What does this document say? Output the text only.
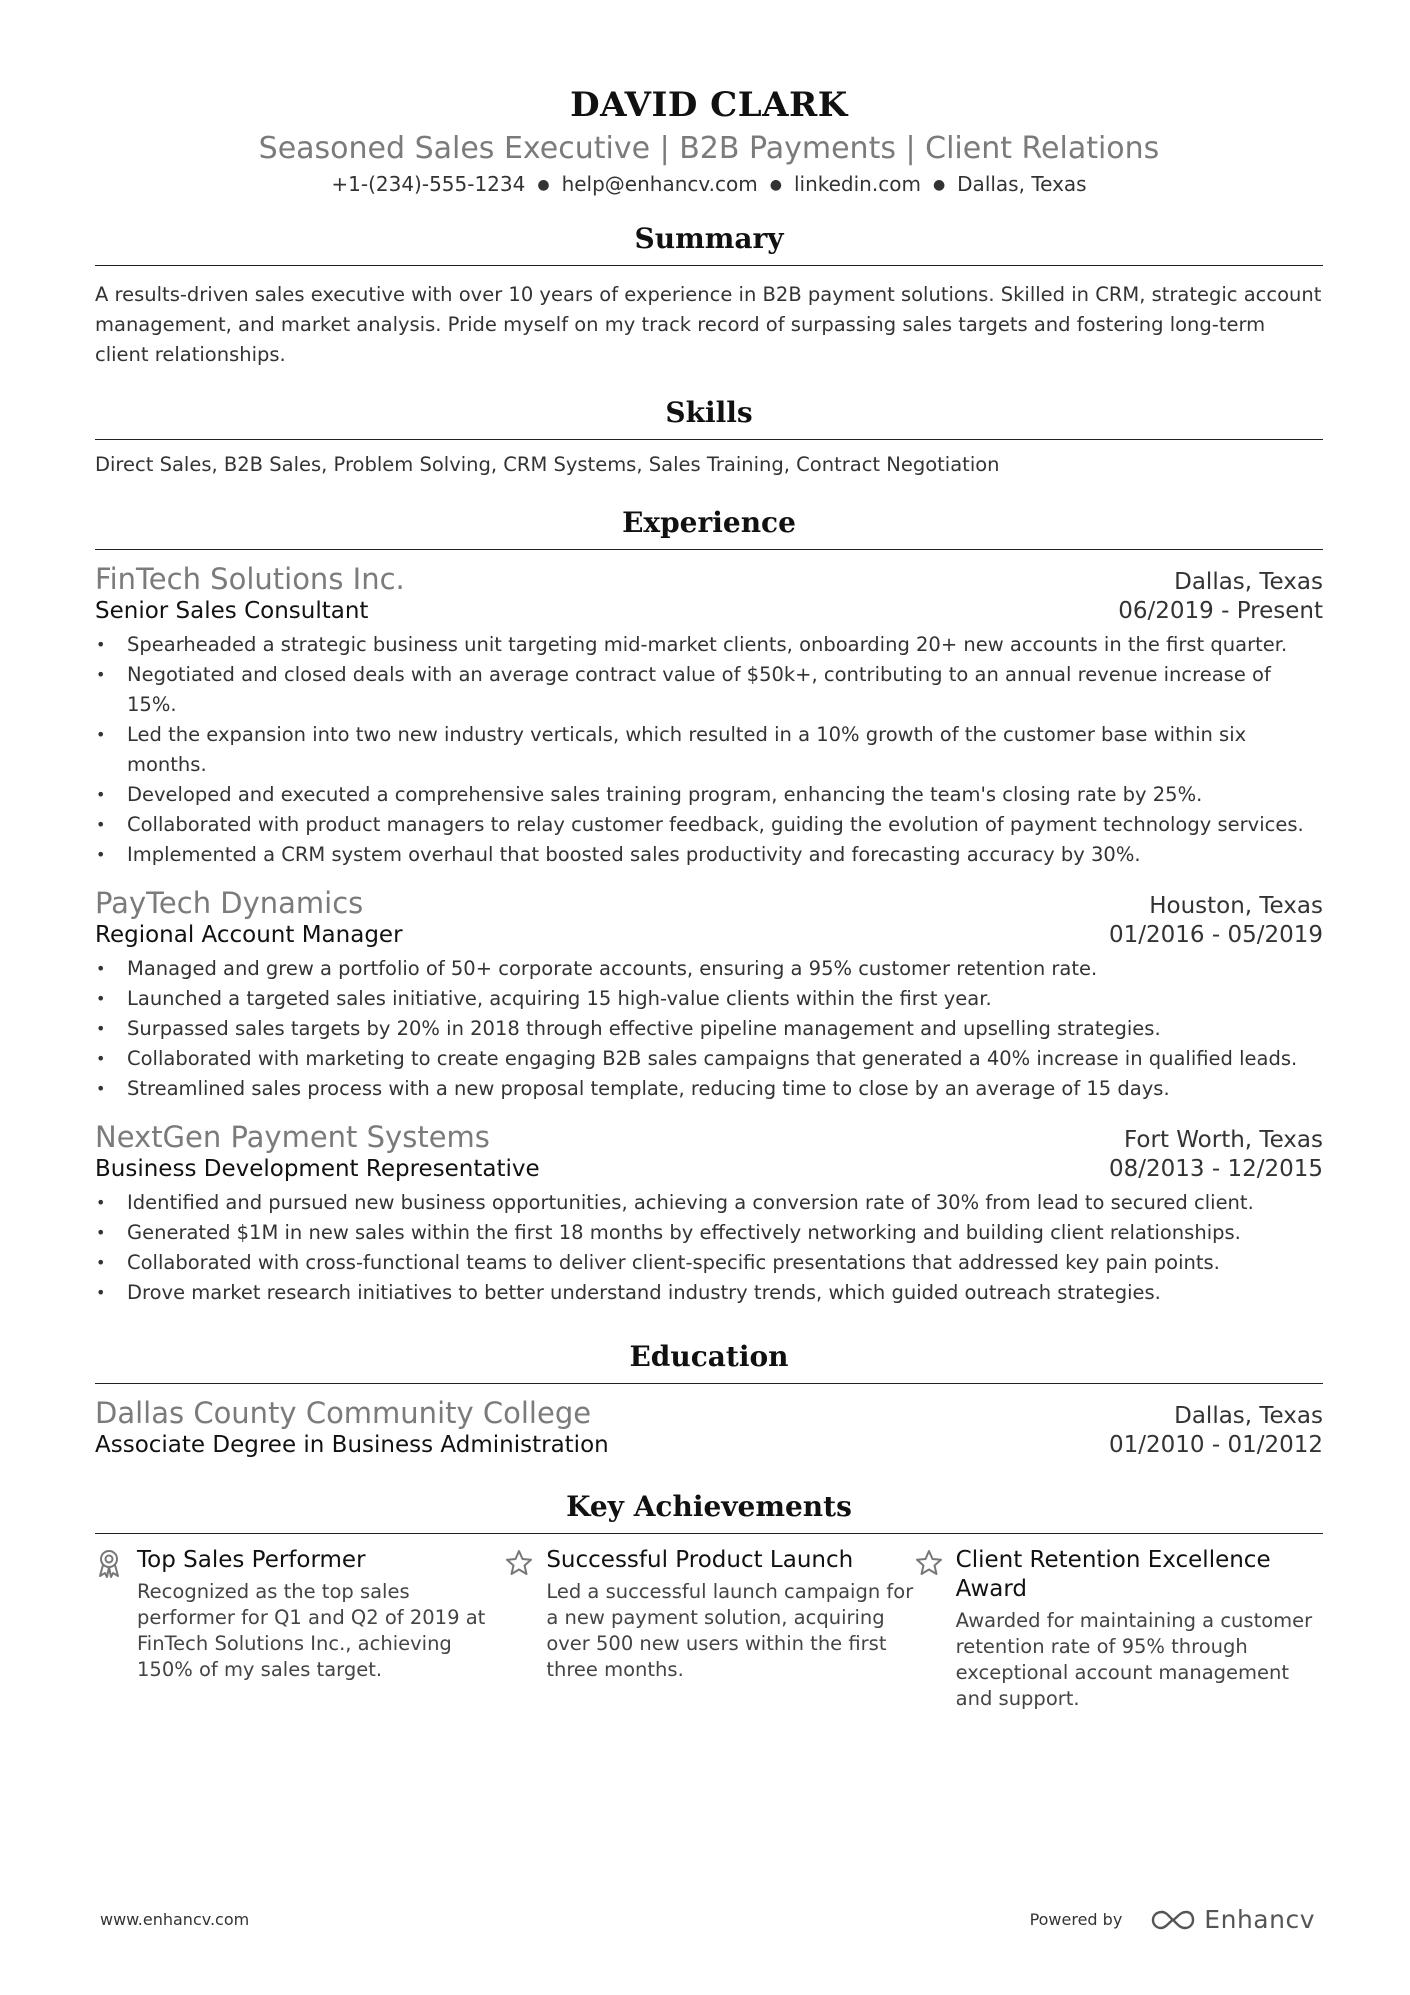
DAVID CLARK
Seasoned Sales Executive | B2B Payments | Client Relations
+1-(234)-555-1234 ● help@enhancv.com ● linkedin.com ● Dallas, Texas
Summary
A results-driven sales executive with over 10 years of experience in B2B payment solutions. Skilled in CRM, strategic account management, and market analysis. Pride myself on my track record of surpassing sales targets and fostering long-term client relationships.
Skills
Direct Sales, B2B Sales, Problem Solving, CRM Systems, Sales Training, Contract Negotiation
Experience
FinTech Solutions Inc.	Dallas, Texas
Senior Sales Consultant	06/2019 - Present
• Spearheaded a strategic business unit targeting mid-market clients, onboarding 20+ new accounts in the first quarter.
• Negotiated and closed deals with an average contract value of $50k+, contributing to an annual revenue increase of 15%.
• Led the expansion into two new industry verticals, which resulted in a 10% growth of the customer base within six months.
• Developed and executed a comprehensive sales training program, enhancing the team's closing rate by 25%.
• Collaborated with product managers to relay customer feedback, guiding the evolution of payment technology services.
• Implemented a CRM system overhaul that boosted sales productivity and forecasting accuracy by 30%.
PayTech Dynamics	Houston, Texas
Regional Account Manager	01/2016 - 05/2019
• Managed and grew a portfolio of 50+ corporate accounts, ensuring a 95% customer retention rate.
• Launched a targeted sales initiative, acquiring 15 high-value clients within the first year.
• Surpassed sales targets by 20% in 2018 through effective pipeline management and upselling strategies.
• Collaborated with marketing to create engaging B2B sales campaigns that generated a 40% increase in qualified leads.
• Streamlined sales process with a new proposal template, reducing time to close by an average of 15 days.
NextGen Payment Systems	Fort Worth, Texas
Business Development Representative	08/2013 - 12/2015
• Identified and pursued new business opportunities, achieving a conversion rate of 30% from lead to secured client.
• Generated $1M in new sales within the first 18 months by effectively networking and building client relationships.
• Collaborated with cross-functional teams to deliver client-specific presentations that addressed key pain points.
• Drove market research initiatives to better understand industry trends, which guided outreach strategies.
Education
Dallas County Community College	Dallas, Texas
Associate Degree in Business Administration	01/2010 - 01/2012
Key Achievements
Top Sales Performer
Recognized as the top sales performer for Q1 and Q2 of 2019 at FinTech Solutions Inc., achieving 150% of my sales target.
Successful Product Launch
Led a successful launch campaign for a new payment solution, acquiring over 500 new users within the first three months.
Client Retention Excellence Award
Awarded for maintaining a customer retention rate of 95% through exceptional account management and support.
www.enhancv.com	Powered by	Enhancv
